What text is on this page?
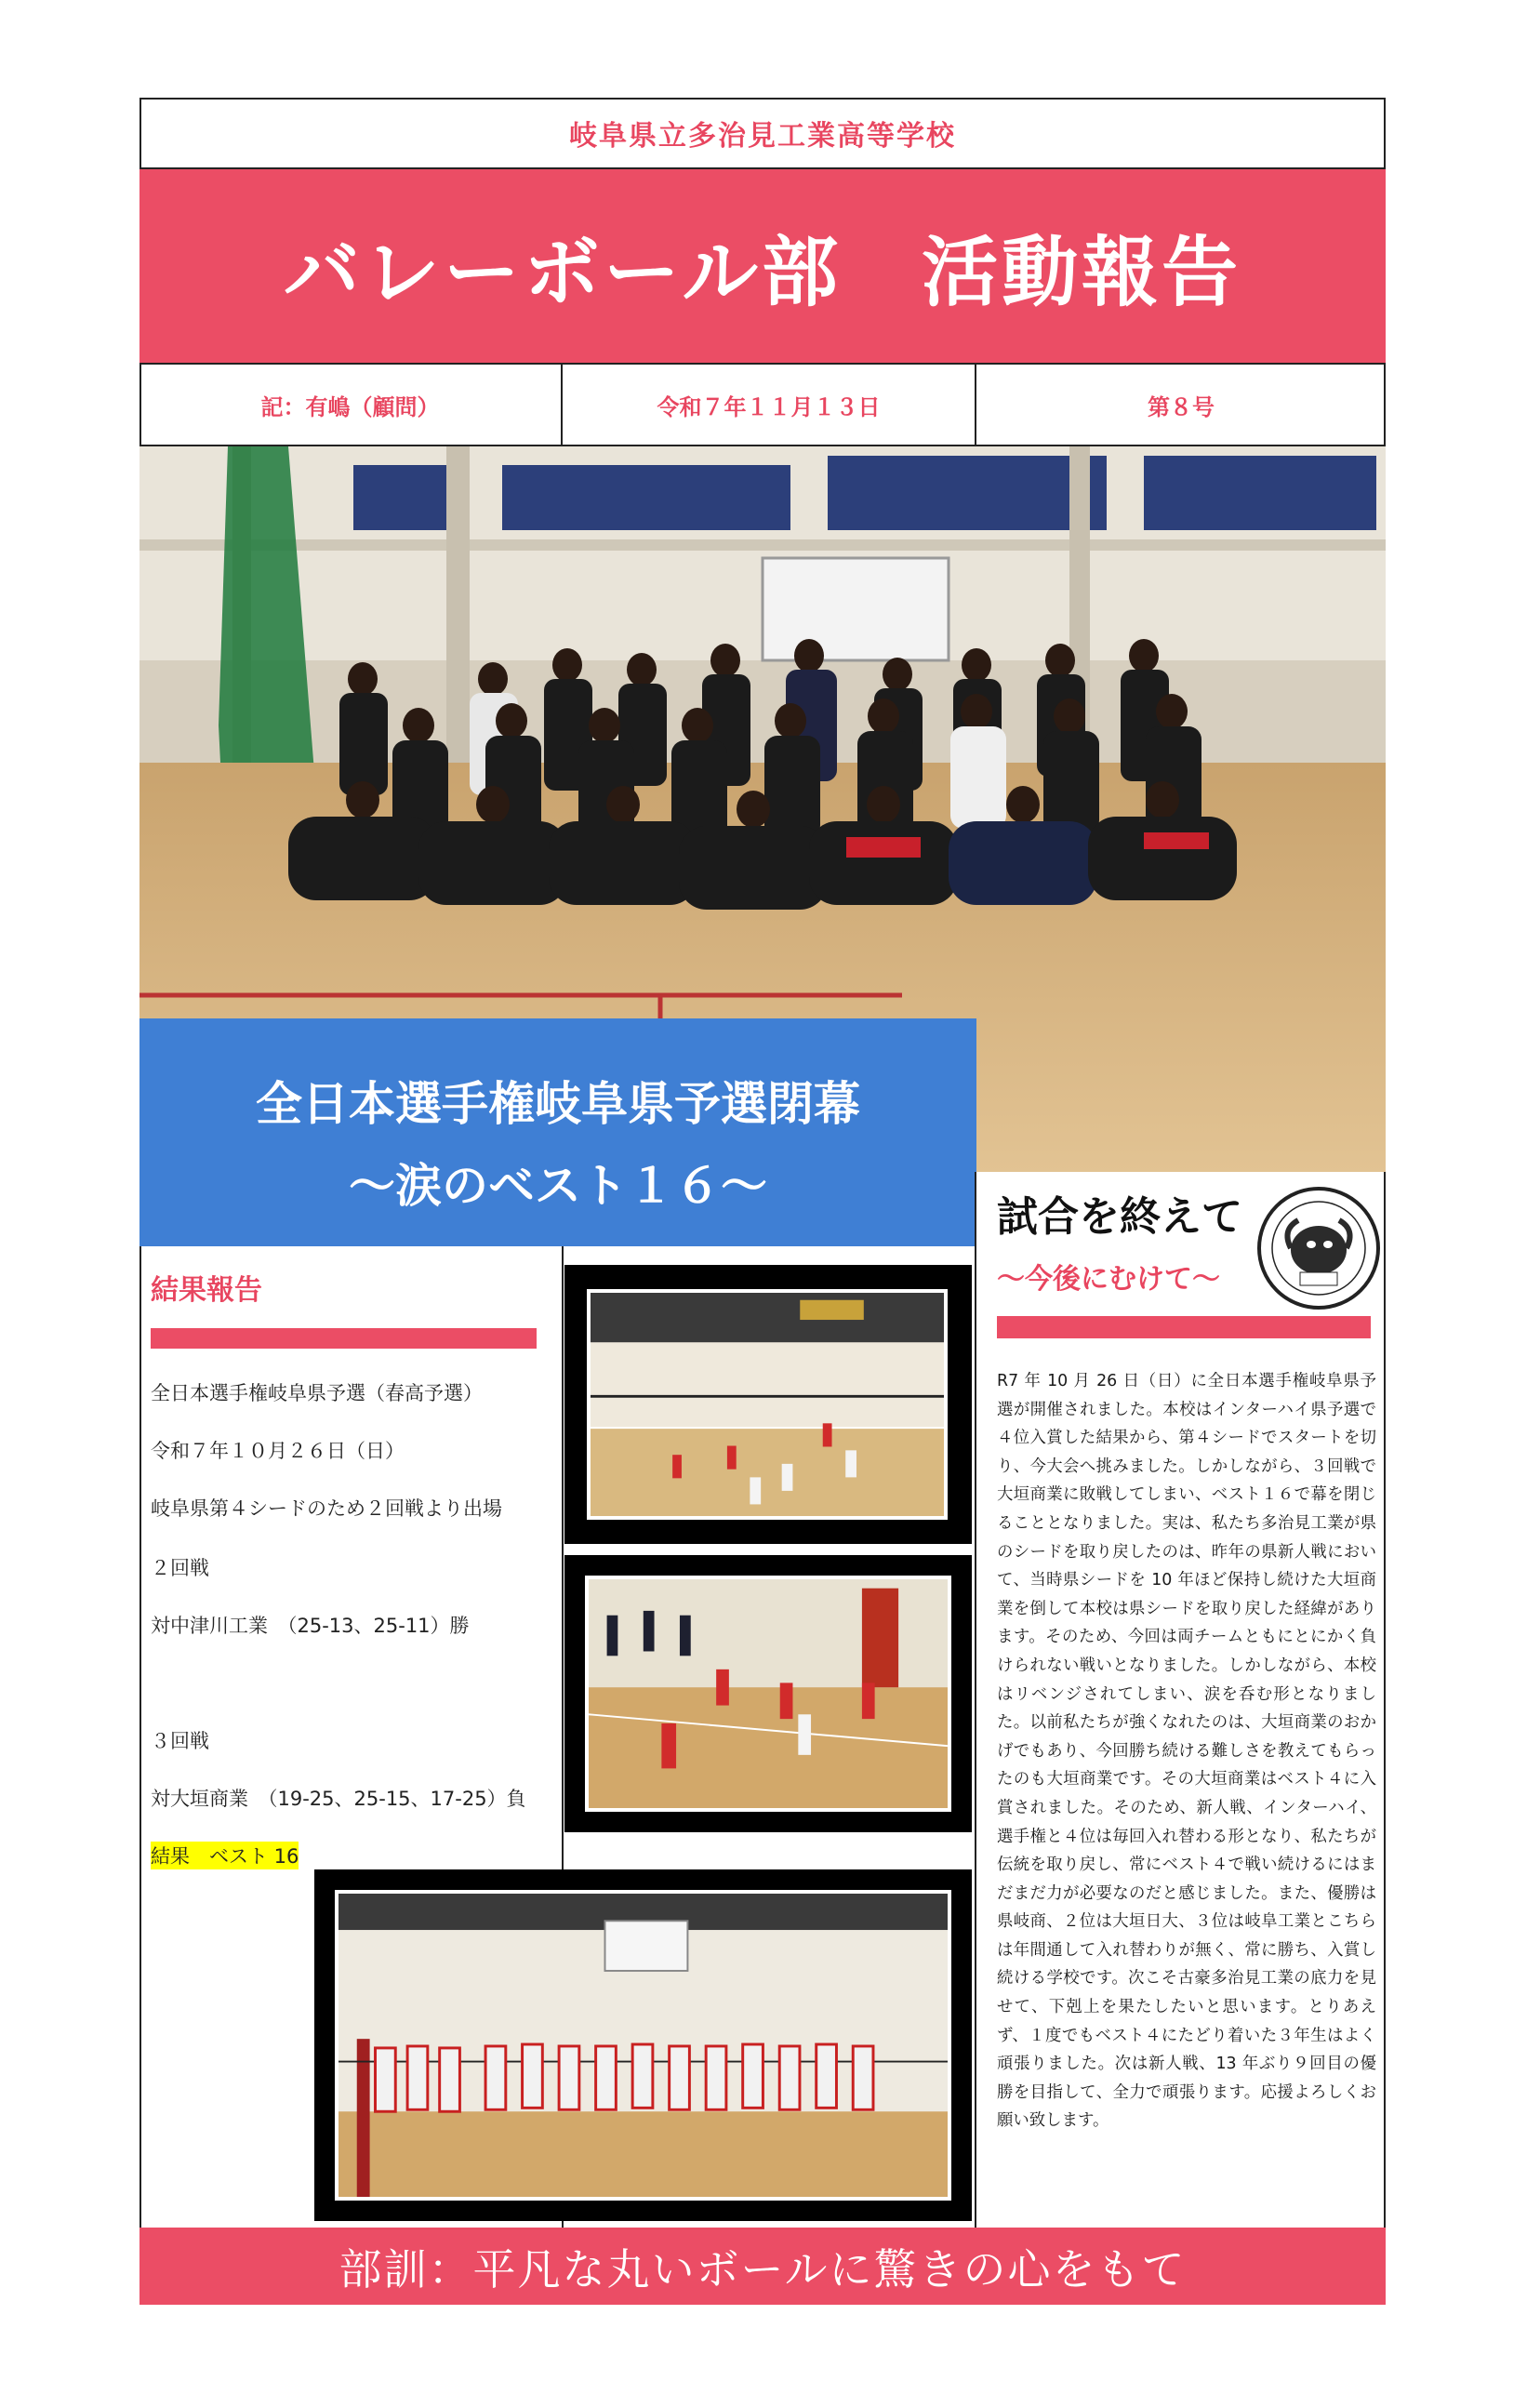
岐阜県立多治見工業高等学校
バレーボール部　活動報告
記：有嶋（顧問）	令和７年１１月１３日	第８号
全日本選手権岐阜県予選閉幕
～涙のベスト１６～
結果報告
全日本選手権岐阜県予選（春高予選）
令和７年１０月２６日（日）
岐阜県第４シードのため２回戦より出場
２回戦
対中津川工業　（25-13、25-11）勝
３回戦
対大垣商業　（19-25、25-15、17-25）負
結果　ベスト 16
試合を終えて
～今後にむけて～
R7 年 10 月 26 日（日）に全日本選手権岐阜県予選が開催されました。本校はインターハイ県予選で４位入賞した結果から、第４シードでスタートを切り、今大会へ挑みました。しかしながら、３回戦で大垣商業に敗戦してしまい、ベスト１６で幕を閉じることとなりました。実は、私たち多治見工業が県のシードを取り戻したのは、昨年の県新人戦において、当時県シードを 10 年ほど保持し続けた大垣商業を倒して本校は県シードを取り戻した経緯があります。そのため、今回は両チームともにとにかく負けられない戦いとなりました。しかしながら、本校はリベンジされてしまい、涙を呑む形となりました。以前私たちが強くなれたのは、大垣商業のおかげでもあり、今回勝ち続ける難しさを教えてもらったのも大垣商業です。その大垣商業はベスト４に入賞されました。そのため、新人戦、インターハイ、選手権と４位は毎回入れ替わる形となり、私たちが伝統を取り戻し、常にベスト４で戦い続けるにはまだまだ力が必要なのだと感じました。また、優勝は県岐商、２位は大垣日大、３位は岐阜工業とこちらは年間通して入れ替わりが無く、常に勝ち、入賞し続ける学校です。次こそ古豪多治見工業の底力を見せて、下剋上を果たしたいと思います。とりあえず、１度でもベスト４にたどり着いた３年生はよく頑張りました。次は新人戦、13 年ぶり９回目の優勝を目指して、全力で頑張ります。応援よろしくお願い致します。
部訓：平凡な丸いボールに驚きの心をもて
